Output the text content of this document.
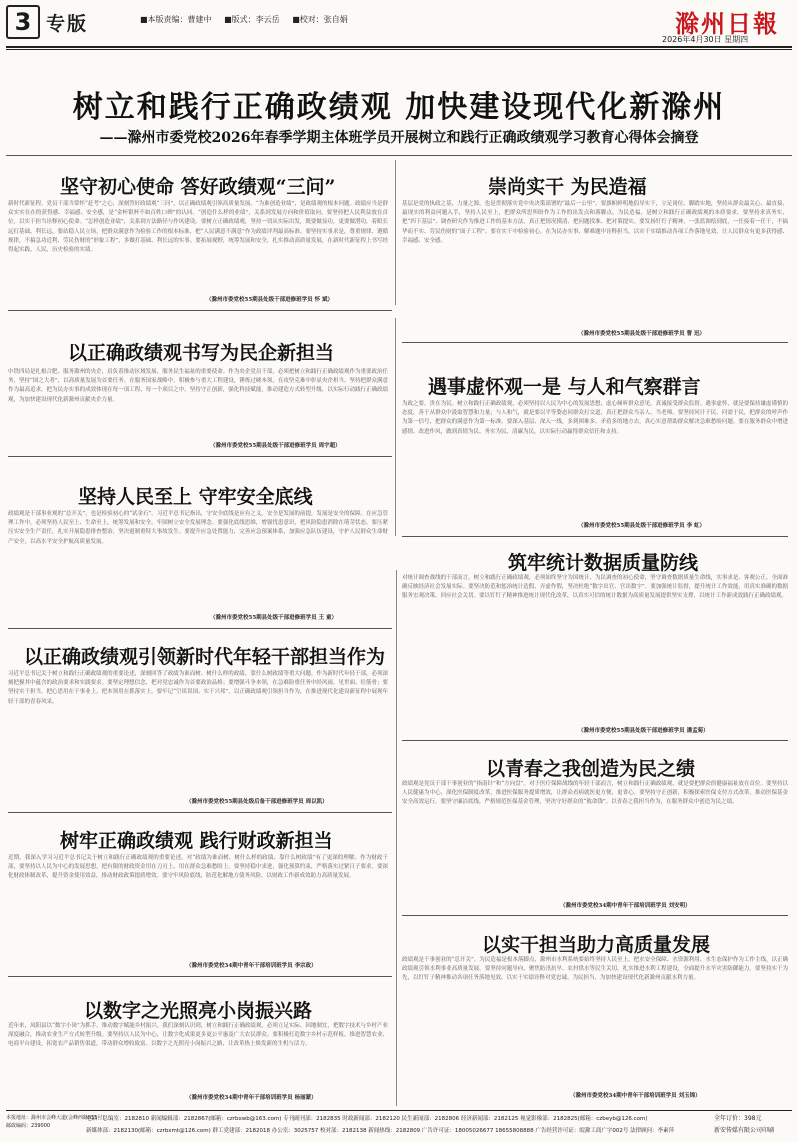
3 专版	■本版责编：曹建中 ■版式：李云岳 ■校对：张自娟	滁州日報
2026年4月30日 星期四
树立和践行正确政绩观 加快建设现代化新滁州
——滁州市委党校2026年春季学期主体班学员开展树立和践行正确政绩观学习教育心得体会摘登
坚守初心使命 答好政绩观“三问”
新时代新征程，党员干部当常怀“赶考”之心，深刻答好政绩观“三问”，以正确政绩观引领高质量发展。“为谁创造业绩”，是政绩观的根本问题。政绩应当是群众实实在在的获得感、幸福感、安全感，是“金杯银杯不如百姓口碑”的认同。“创造什么样的业绩”，关系到发展方向和价值取向。要坚持把人民利益放在首位，以实干担当诠释初心使命。“怎样创造业绩”，关系到方法路径与作风建设。要树立正确政绩观，坚持一切从实际出发，既要做显功，更要做潜功，着眼长远打基础、利长远。要站稳人民立场，把群众满意作为检验工作的根本标准，把“人民满意不满意”作为政绩评判最高标准。要坚持实事求是，尊重规律、遵循规律，不搞急功近利、劳民伤财的“形象工程”，多做打基础、利长远的实事。要拓展视野，统筹发展和安全，扎实推动高质量发展，在新时代新征程上书写经得起实践、人民、历史检验的实绩。
（滁州市委党校55期县处级干部进修班学员 怀 斌）
崇尚实干 为民造福
基层是党的执政之基、力量之源，也是贯彻落实党中央决策部署的“最后一公里”。要旗帜鲜明地倡导实干，立足岗位、脚踏实地，坚持从群众最关心、最直接、最现实的利益问题入手，坚持人民至上，把群众所思所盼作为工作的出发点和落脚点。为民造福，是树立和践行正确政绩观的本质要求。要坚持求真务实，把“四下基层”、调查研究作为推进工作的基本方法，真正把情况摸清、把问题找准、把对策提实。要发扬钉钉子精神，一张蓝图绘到底，一任接着一任干，不搞华而不实、劳民伤财的“面子工程”。要在实干中检验初心，在为民办实事、解难题中诠释担当，以实干实绩推动各项工作落地见效，让人民群众有更多获得感、幸福感、安全感。
（滁州市委党校55期县处级干部进修班学员 曹 迅）
以正确政绩观书写为民企新担当
中铁四局是扎根合肥、服务滁州的央企，肩负着推动区域发展、服务民生福祉的重要使命。作为央企党员干部，必须把树立和践行正确政绩观作为重要政治任务，坚持“国之大者”，以高质量发展为首要任务。在服务国家战略中，积极参与重大工程建设，锤炼过硬本领，在攻坚克难中彰显央企担当。坚持把群众满意作为最高追求，把为民办实事的成效体现在每一项工程、每一个项目之中。坚持守正创新，强化科技赋能，推动建造方式转型升级，以实际行动践行正确政绩观，为加快建设现代化新滁州贡献央企力量。
（滁州市委党校55期县处级干部进修班学员 周宇超）
遇事虚怀观一是 与人和气察群言
为政之要，贵在为民。树立和践行正确政绩观，必须坚持以人民为中心的发展思想，虚心倾听群众意见，真诚接受群众监督。遇事虚怀，就是要保持谦虚谨慎的态度，善于从群众中汲取智慧和力量；与人和气，就是要以平等姿态同群众打交道，真正把群众当亲人、当老师。要坚持问计于民、问需于民，把群众的呼声作为第一信号，把群众的满意作为第一标准。要深入基层、深入一线，多到困难多、矛盾多的地方去，真心实意帮助群众解决急难愁盼问题。要在服务群众中增进感情、改进作风，做到真情为民、务实为民、清廉为民，以实际行动赢得群众信任和支持。
（滁州市委党校55期县处级干部进修班学员 李 虹）
坚持人民至上 守牢安全底线
政绩观是干部事业观的“总开关”，也是检验初心的“试金石”。习近平总书记指出，守安全底线是应有之义。安全是发展的前提，发展是安全的保障。在应急管理工作中，必须坚持人民至上、生命至上，统筹发展和安全，牢固树立安全发展理念。要强化底线思维，增强忧患意识，把风险隐患消除在萌芽状态。要压紧压实安全生产责任，扎实开展隐患排查整治，坚决遏制重特大事故发生。要提升应急处置能力，完善应急预案体系，加强应急队伍建设，守护人民群众生命财产安全，以高水平安全护航高质量发展。
（滁州市委党校55期县处级干部进修班学员 王 童）
筑牢统计数据质量防线
对统计调查战线的干部而言，树立和践行正确政绩观，必须始终坚守为国统计、为民调查的初心使命，坚守调查数据质量生命线，实事求是、客观公正，全面准确反映经济社会发展实际。要坚决防范和惩治统计造假、弄虚作假，坚决杜绝“数字出官、官出数字”。要加强统计监督，提升统计工作效能，用真实准确的数据服务宏观决策、回应社会关切。要以钉钉子精神推进统计现代化改革，以真实可信的统计数据为高质量发展提供坚实支撑，以统计工作新成效践行正确政绩观。
（滁州市委党校55期县处级干部进修班学员 潘孟菊）
以正确政绩观引领新时代年轻干部担当作为
习近平总书记关于树立和践行正确政绩观的重要论述，深刻回答了政绩为谁而树、树什么样的政绩、靠什么树政绩等重大问题。作为新时代年轻干部，必须深刻把握其中蕴含的政治要求和实践要求。要坚定理想信念，把对党忠诚作为首要政治品格；要增强斗争本领，在急难险重任务中经风雨、见世面、壮筋骨；要坚持实干担当，把心思用在干事业上，把本领用在抓落实上。要牢记“空谈误国、实干兴邦”，以正确政绩观引领担当作为，在推进现代化建设新征程中展现年轻干部的青春风采。
（滁州市委党校55期县处级后备干部进修班学员 周以凯）
以青春之我创造为民之绩
政绩观是党员干部干事创业的“指南针”和“方向盘”。对于医疗保障战线的年轻干部而言，树立和践行正确政绩观，就是要把群众的健康福祉放在首位。要坚持以人民健康为中心，深化医保制度改革，推进医保服务提质增效，让群众看病就医更方便、更省心。要坚持守正创新，积极探索医保支付方式改革，推动医保基金安全高效运行。要坚守廉洁底线，严格规范医保基金管理，坚决守好群众的“救命钱”。以青春之我担当作为，在服务群众中创造为民之绩。
（滁州市委党校34期中青年干部培训班学员 刘安明）
树牢正确政绩观 践行财政新担当
近期，我深入学习习近平总书记关于树立和践行正确政绩观的重要论述，对“政绩为谁而树、树什么样的政绩、靠什么树政绩”有了更深的理解。作为财政干部，要坚持以人民为中心的发展思想，把有限的财政资金用在刀刃上、用在群众急难愁盼上。要坚持稳中求进，强化预算约束，严格落实过紧日子要求。要深化财政体制改革，提升资金使用效益，推动财政政策提质增效。要守牢风险底线，防范化解地方债务风险，以财政工作新成效助力高质量发展。
（滁州市委党校34期中青年干部培训班学员 李宗政）
以实干担当助力高质量发展
政绩观是干事创业的“总开关”。为民造福是根本落脚点，滁州市水利系统要始终坚持人民至上，把水安全保障、水资源利用、水生态保护作为工作主线，以正确政绩观引领水利事业高质量发展。要坚持问题导向，聚焦防汛抗旱、农村供水等民生关切，扎实推进水利工程建设，全面提升水旱灾害防御能力。要坚持实干为先，以钉钉子精神推动各项任务落地见效，以实干实绩诠释对党忠诚、为民担当，为加快建设现代化新滁州贡献水利力量。
（滁州市委党校34期中青年干部培训班学员 刘玉锦）
以数字之光照亮小岗振兴路
近年来，凤阳县以“数字小岗”为抓手，推动数字赋能乡村振兴。我们深刻认识到，树立和践行正确政绩观，必须立足实际、因地制宜，把数字技术与乡村产业深度融合，推动农业生产方式转型升级。要坚持以人民为中心，让数字化成果更多更公平惠及广大农民群众。要积极打造数字乡村示范样板，推进智慧农业、电商平台建设，拓宽农产品销售渠道，带动群众增收致富。以数字之光照亮小岗振兴之路，让改革热土焕发新的生机与活力。
（滁州市委党校34期中青年干部培训班学员 杨丽蒙）
本报地址：滁州市会峰大道(会峰西路555号)
邮政编码：239000
电话：总编室：2182810 新闻编辑部：2182867(邮箱：czrbxwb@163.com) 专刊副刊部：2182835 时政新闻部：2182120 民生新闻部：2182806 经济新闻部：2182125 视觉影像部：2182825(邮箱：czbeyb@126.com)
新媒体部：2182130(邮箱：czrbxmt@126.com) 群工党建部：2182018 办公室：3025757 校对部：2182138 新闻热线：2182809 广告许可证：18005026677 18655808888 广告经营许可证：皖滁工商广字002号 法律顾问：李素萍
全年订价：398元
新安传媒有限公司印刷
